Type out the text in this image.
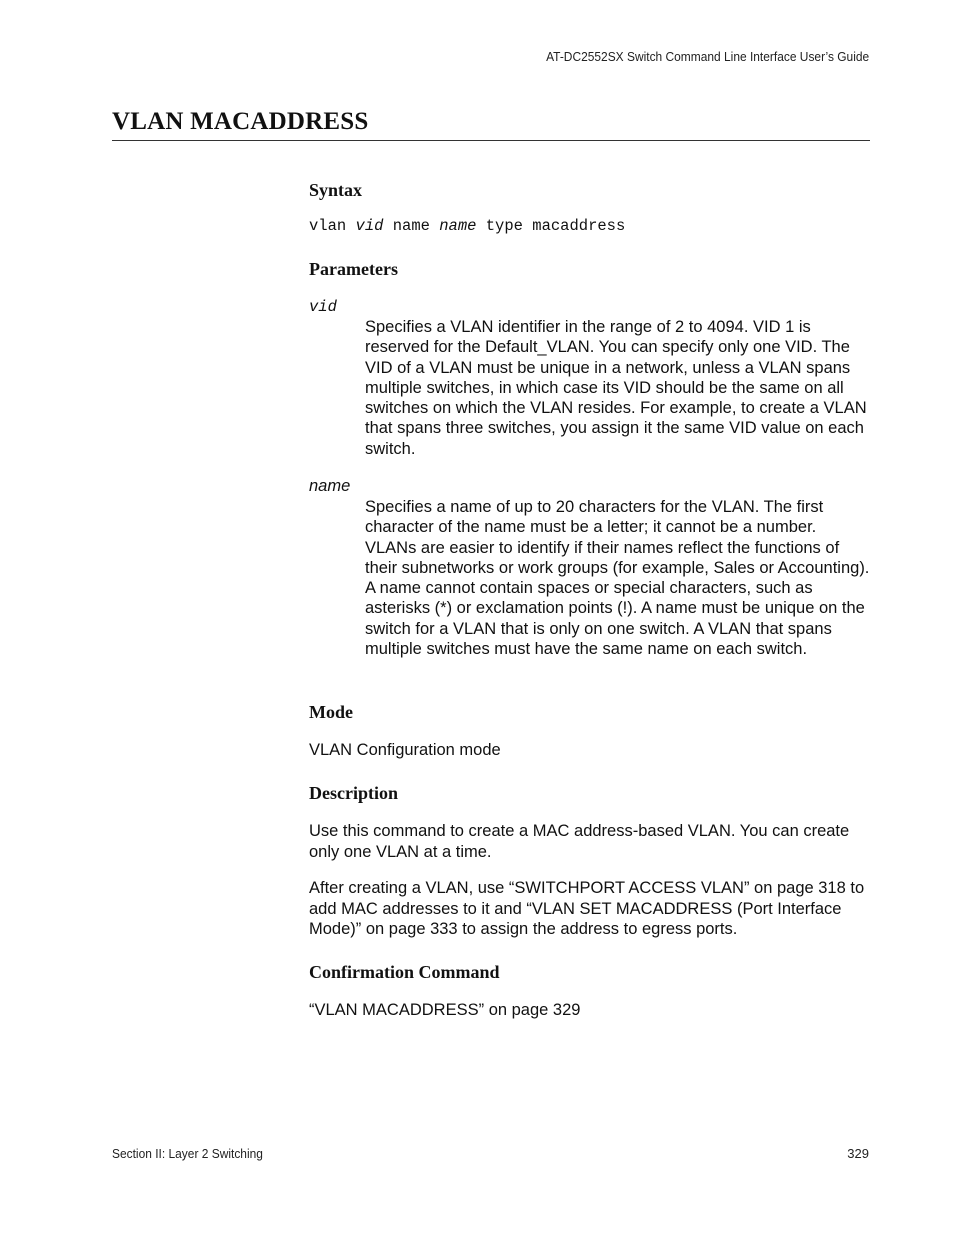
AT-DC2552SX Switch Command Line Interface User’s Guide
VLAN MACADDRESS
Syntax
vlan vid name name type macaddress
Parameters
vid

Specifies a VLAN identifier in the range of 2 to 4094. VID 1 is reserved for the Default_VLAN. You can specify only one VID. The VID of a VLAN must be unique in a network, unless a VLAN spans multiple switches, in which case its VID should be the same on all switches on which the VLAN resides. For example, to create a VLAN that spans three switches, you assign it the same VID value on each switch.

name

Specifies a name of up to 20 characters for the VLAN. The first character of the name must be a letter; it cannot be a number. VLANs are easier to identify if their names reflect the functions of their subnetworks or work groups (for example, Sales or Accounting). A name cannot contain spaces or special characters, such as asterisks (*) or exclamation points (!). A name must be unique on the switch for a VLAN that is only on one switch. A VLAN that spans multiple switches must have the same name on each switch.

Mode

VLAN Configuration mode

Description

Use this command to create a MAC address-based VLAN. You can create only one VLAN at a time.

After creating a VLAN, use “SWITCHPORT ACCESS VLAN” on page 318 to add MAC addresses to it and “VLAN SET MACADDRESS (Port Interface Mode)” on page 333 to assign the address to egress ports.

Confirmation Command

“VLAN MACADDRESS” on page 329

Section II: Layer 2 Switching	329
